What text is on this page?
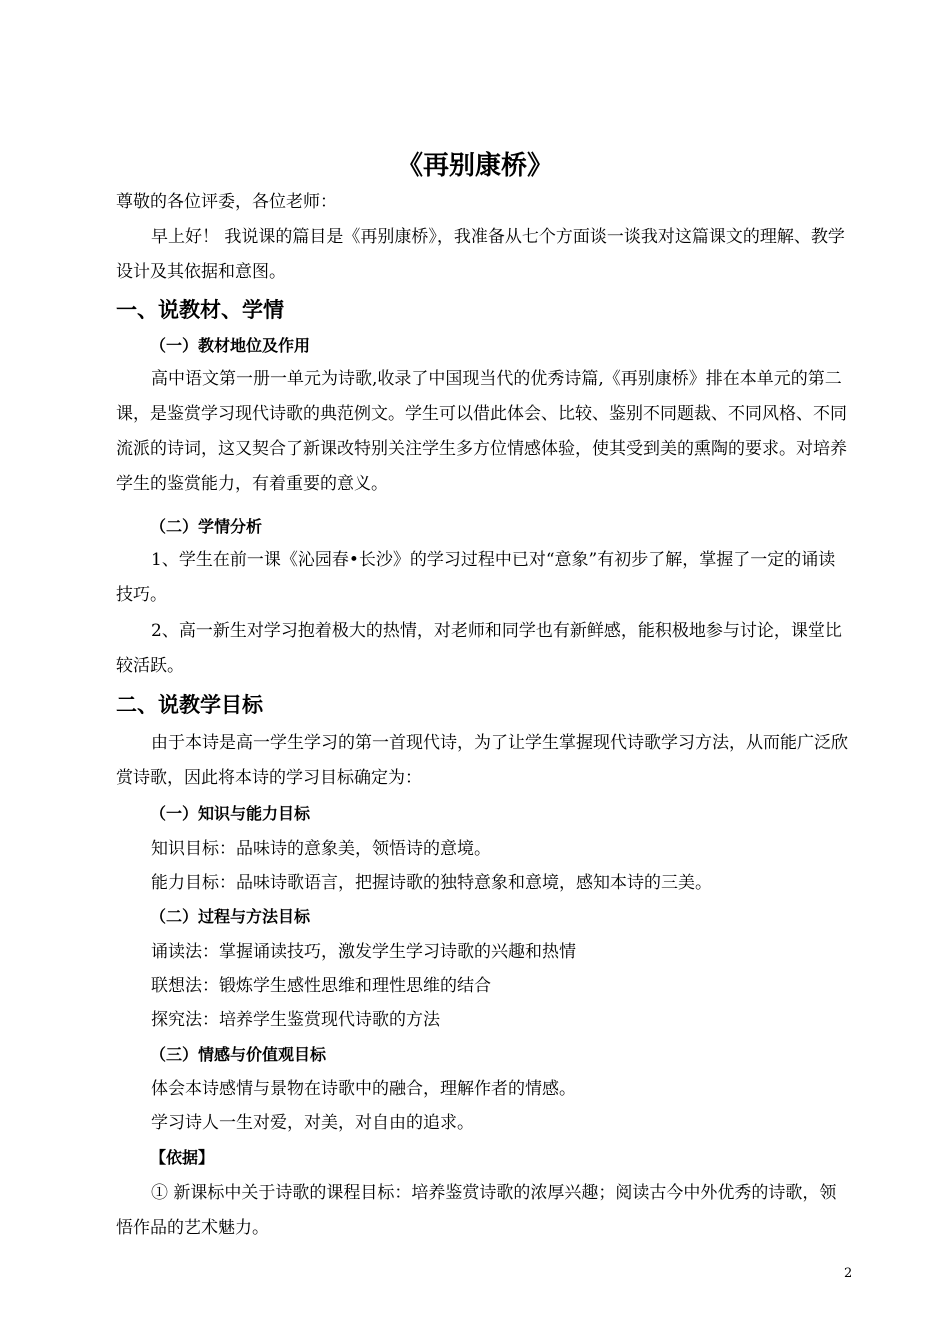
《再别康桥》

尊敬的各位评委，各位老师：

早上好！ 我说课的篇目是《再别康桥》，我准备从七个方面谈一谈我对这篇课文的理解、教学设计及其依据和意图。

一、说教材、学情
（一）教材地位及作用

高中语文第一册一单元为诗歌,收录了中国现当代的优秀诗篇,《再别康桥》排在本单元的第二课，是鉴赏学习现代诗歌的典范例文。学生可以借此体会、比较、鉴别不同题裁、不同风格、不同流派的诗词，这又契合了新课改特别关注学生多方位情感体验，使其受到美的熏陶的要求。对培养学生的鉴赏能力，有着重要的意义。

（二）学情分析

1、学生在前一课《沁园春•长沙》的学习过程中已对“意象”有初步了解，掌握了一定的诵读技巧。

2、高一新生对学习抱着极大的热情，对老师和同学也有新鲜感，能积极地参与讨论，课堂比较活跃。

二、说教学目标

由于本诗是高一学生学习的第一首现代诗，为了让学生掌握现代诗歌学习方法，从而能广泛欣赏诗歌，因此将本诗的学习目标确定为：

（一）知识与能力目标
知识目标：品味诗的意象美，领悟诗的意境。
能力目标：品味诗歌语言，把握诗歌的独特意象和意境，感知本诗的三美。
（二）过程与方法目标
诵读法：掌握诵读技巧，激发学生学习诗歌的兴趣和热情
联想法：锻炼学生感性思维和理性思维的结合
探究法：培养学生鉴赏现代诗歌的方法
（三）情感与价值观目标
体会本诗感情与景物在诗歌中的融合，理解作者的情感。
学习诗人一生对爱，对美，对自由的追求。
【依据】

① 新课标中关于诗歌的课程目标：培养鉴赏诗歌的浓厚兴趣；阅读古今中外优秀的诗歌，领悟作品的艺术魅力。

2
